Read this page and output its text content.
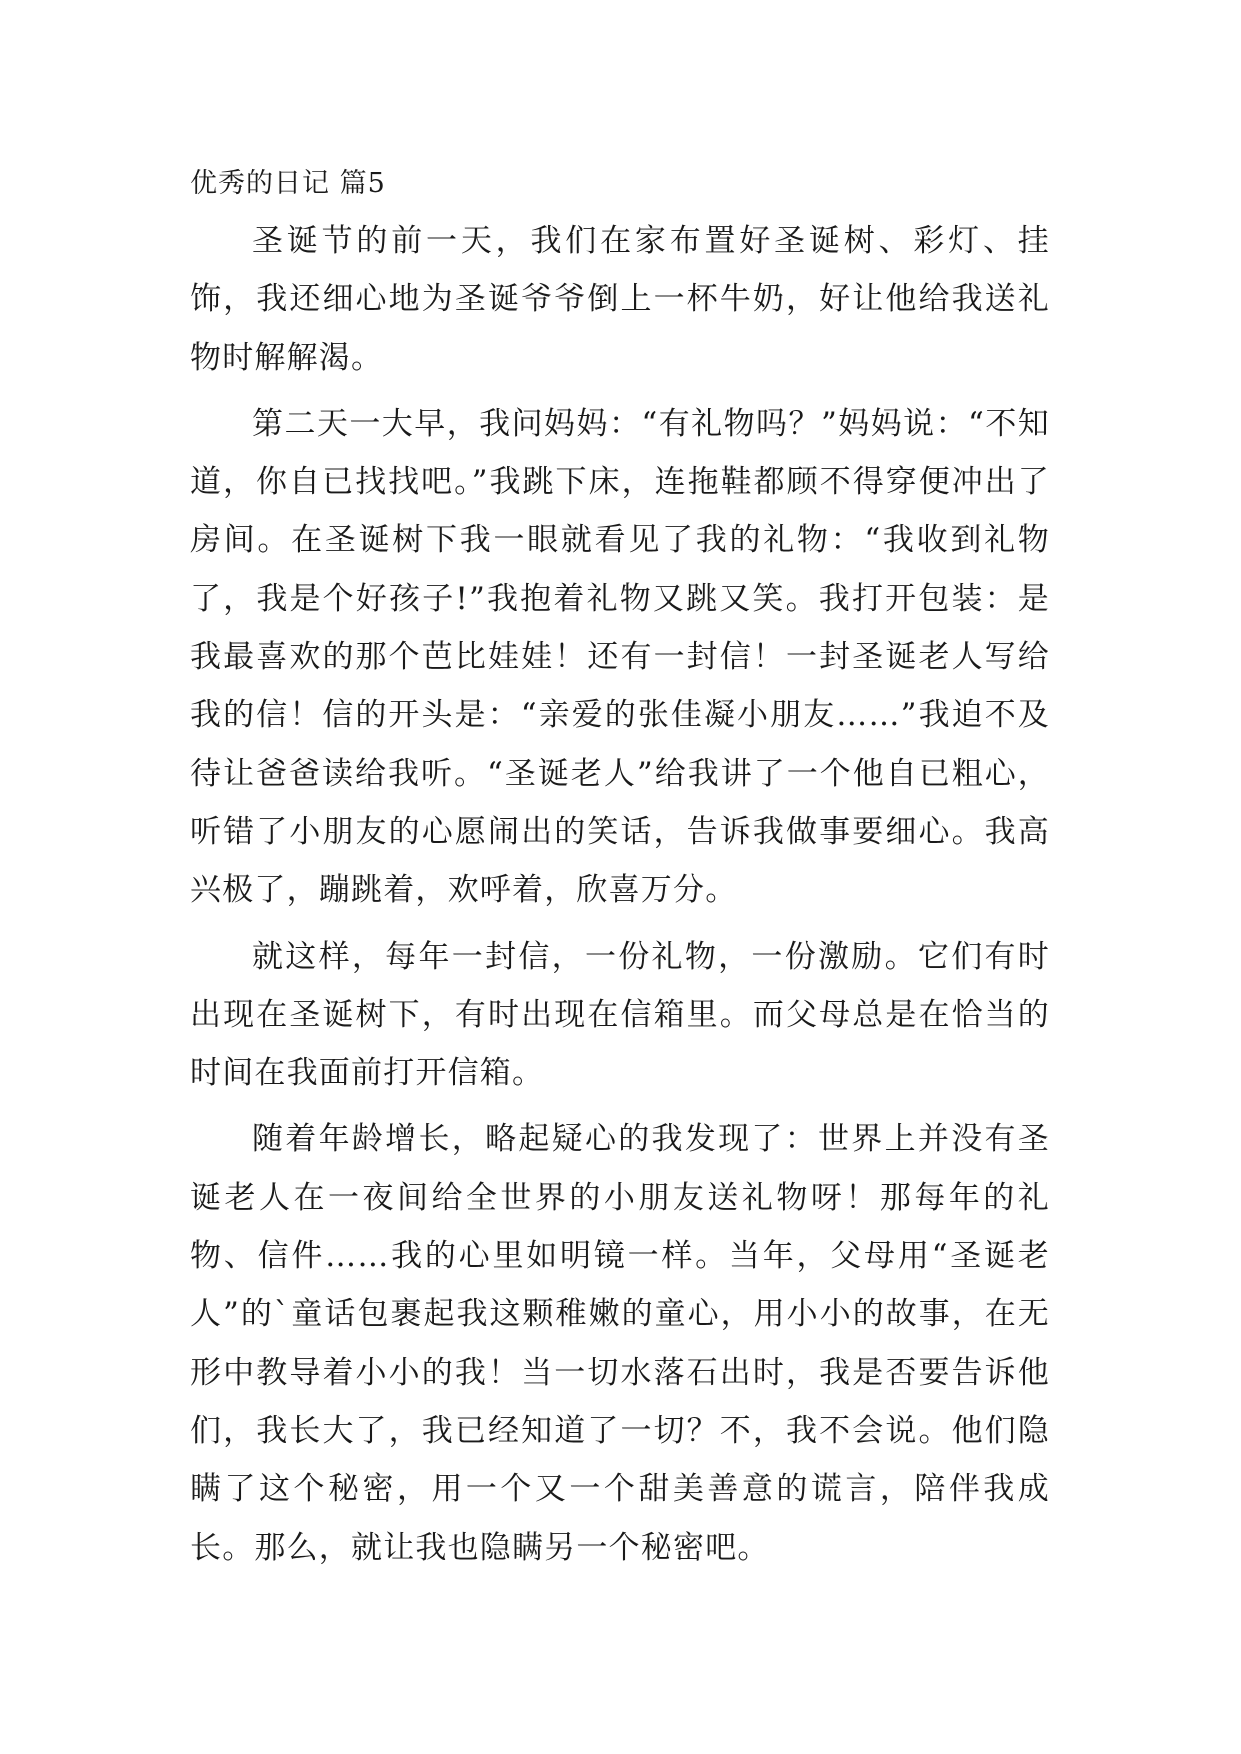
优秀的日记 篇5

圣诞节的前一天，我们在家布置好圣诞树、彩灯、挂饰，我还细心地为圣诞爷爷倒上一杯牛奶，好让他给我送礼物时解解渴。

第二天一大早，我问妈妈：“有礼物吗？”妈妈说：“不知道，你自已找找吧。”我跳下床，连拖鞋都顾不得穿便冲出了房间。在圣诞树下我一眼就看见了我的礼物：“我收到礼物了，我是个好孩子!”我抱着礼物又跳又笑。我打开包装：是我最喜欢的那个芭比娃娃！还有一封信！一封圣诞老人写给我的信！信的开头是：“亲爱的张佳凝小朋友……”我迫不及待让爸爸读给我听。“圣诞老人”给我讲了一个他自已粗心，听错了小朋友的心愿闹出的笑话，告诉我做事要细心。我高兴极了，蹦跳着，欢呼着，欣喜万分。

就这样，每年一封信，一份礼物，一份激励。它们有时出现在圣诞树下，有时出现在信箱里。而父母总是在恰当的时间在我面前打开信箱。

随着年龄增长，略起疑心的我发现了：世界上并没有圣诞老人在一夜间给全世界的小朋友送礼物呀！那每年的礼物、信件……我的心里如明镜一样。当年，父母用“圣诞老人”的`童话包裹起我这颗稚嫩的童心，用小小的故事，在无形中教导着小小的我！当一切水落石出时，我是否要告诉他们，我长大了，我已经知道了一切？不，我不会说。他们隐瞒了这个秘密，用一个又一个甜美善意的谎言，陪伴我成长。那么，就让我也隐瞒另一个秘密吧。
